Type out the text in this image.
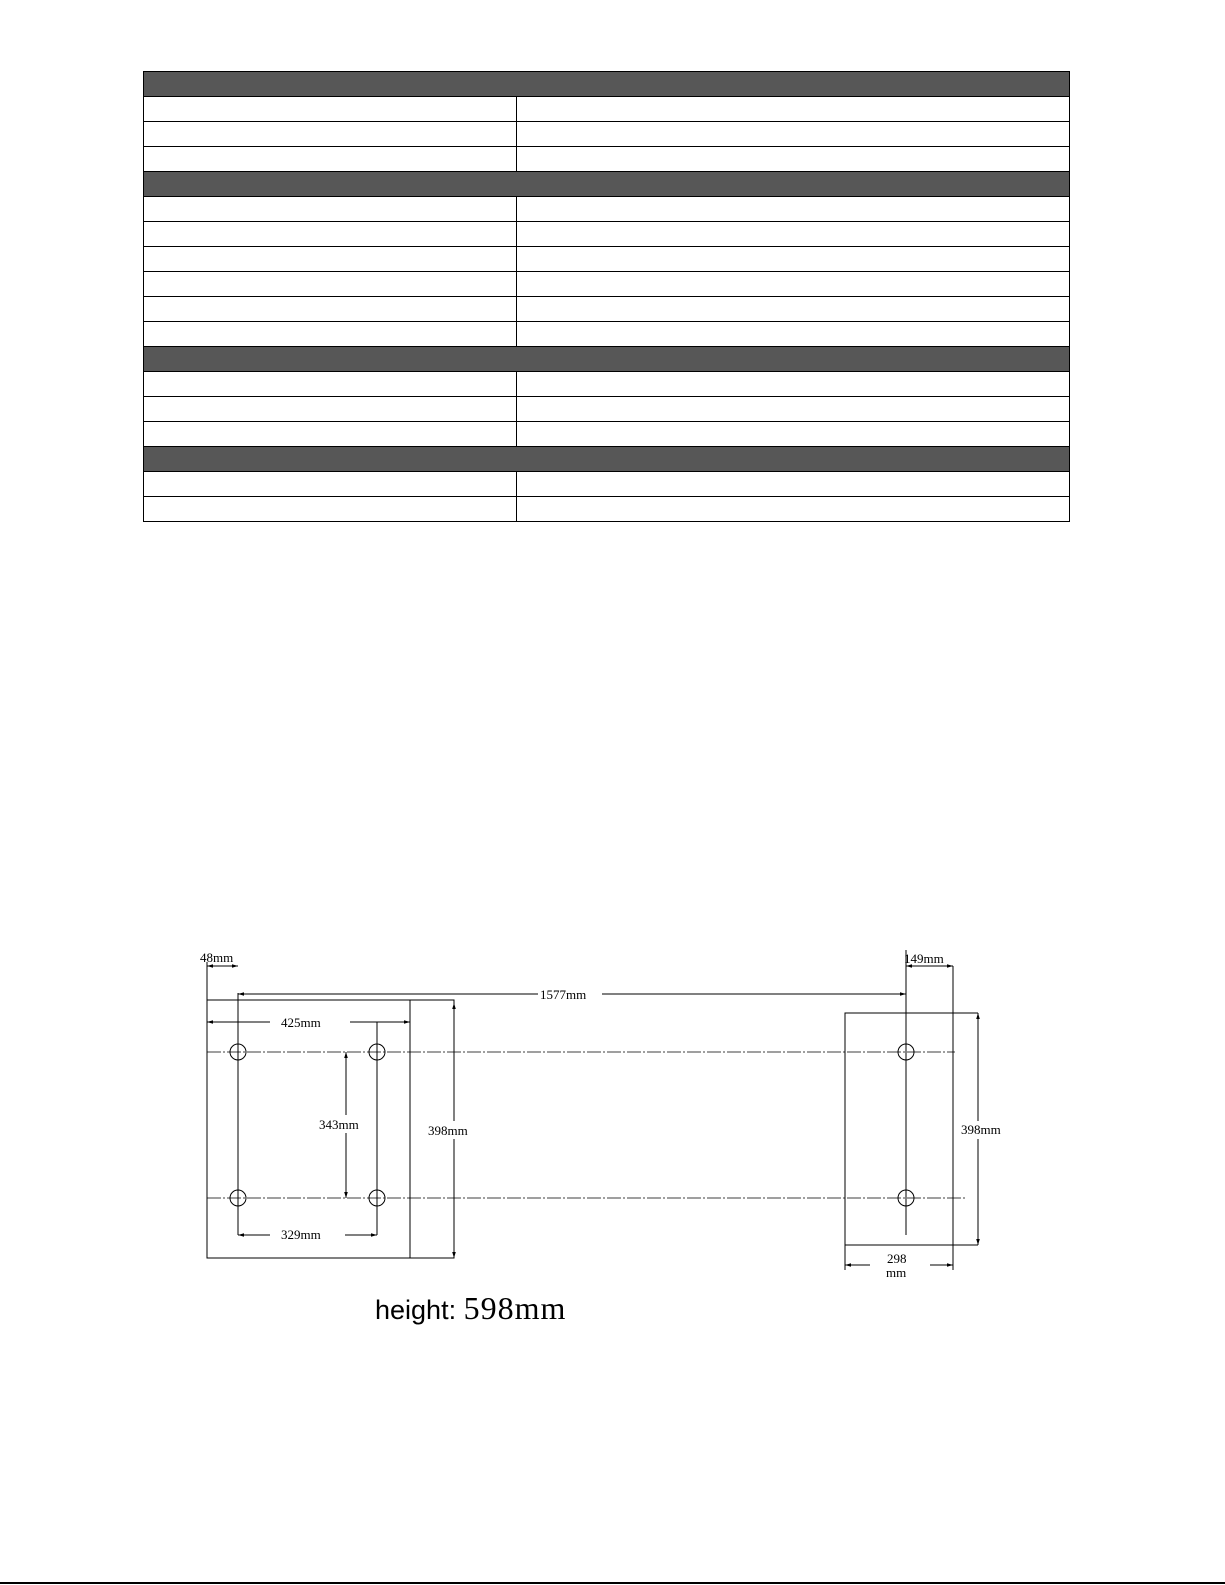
48mm
1577mm
149mm
425mm
343mm	398mm
329mm
398mm
298
mm
height: 598mm
